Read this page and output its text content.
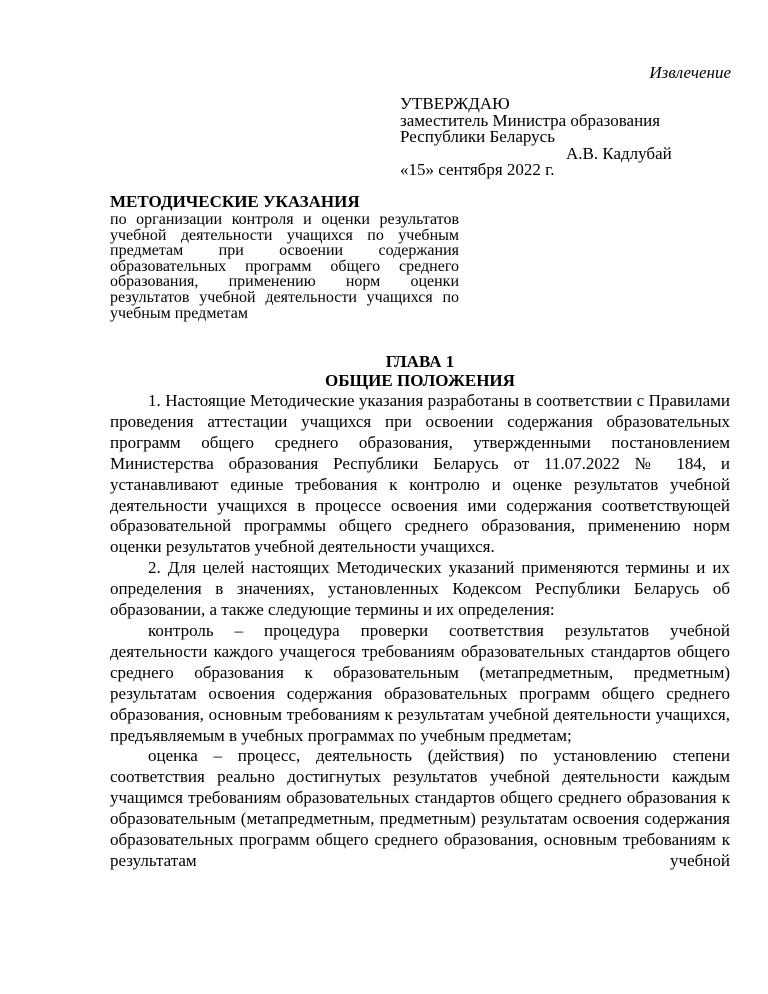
Извлечение
УТВЕРЖДАЮ
заместитель Министра образования
Республики Беларусь
А.В. Кадлубай
«15» сентября 2022 г.
МЕТОДИЧЕСКИЕ УКАЗАНИЯ
по организации контроля и оценки результатов учебной деятельности учащихся по учебным предметам при освоении содержания образовательных программ общего среднего образования, применению норм оценки результатов учебной деятельности учащихся по учебным предметам
ГЛАВА 1
ОБЩИЕ ПОЛОЖЕНИЯ

1. Настоящие Методические указания разработаны в соответствии с Правилами проведения аттестации учащихся при освоении содержания образовательных программ общего среднего образования, утвержденными постановлением Министерства образования Республики Беларусь от 11.07.2022 № 184, и устанавливают единые требования к контролю и оценке результатов учебной деятельности учащихся в процессе освоения ими содержания соответствующей образовательной программы общего среднего образования, применению норм оценки результатов учебной деятельности учащихся.

2. Для целей настоящих Методических указаний применяются термины и их определения в значениях, установленных Кодексом Республики Беларусь об образовании, а также следующие термины и их определения:

контроль – процедура проверки соответствия результатов учебной деятельности каждого учащегося требованиям образовательных стандартов общего среднего образования к образовательным (метапредметным, предметным) результатам освоения содержания образовательных программ общего среднего образования, основным требованиям к результатам учебной деятельности учащихся, предъявляемым в учебных программах по учебным предметам;

оценка – процесс, деятельность (действия) по установлению степени соответствия реально достигнутых результатов учебной деятельности каждым учащимся требованиям образовательных стандартов общего среднего образования к образовательным (метапредметным, предметным) результатам освоения содержания образовательных программ общего среднего образования, основным требованиям к результатам учебной
